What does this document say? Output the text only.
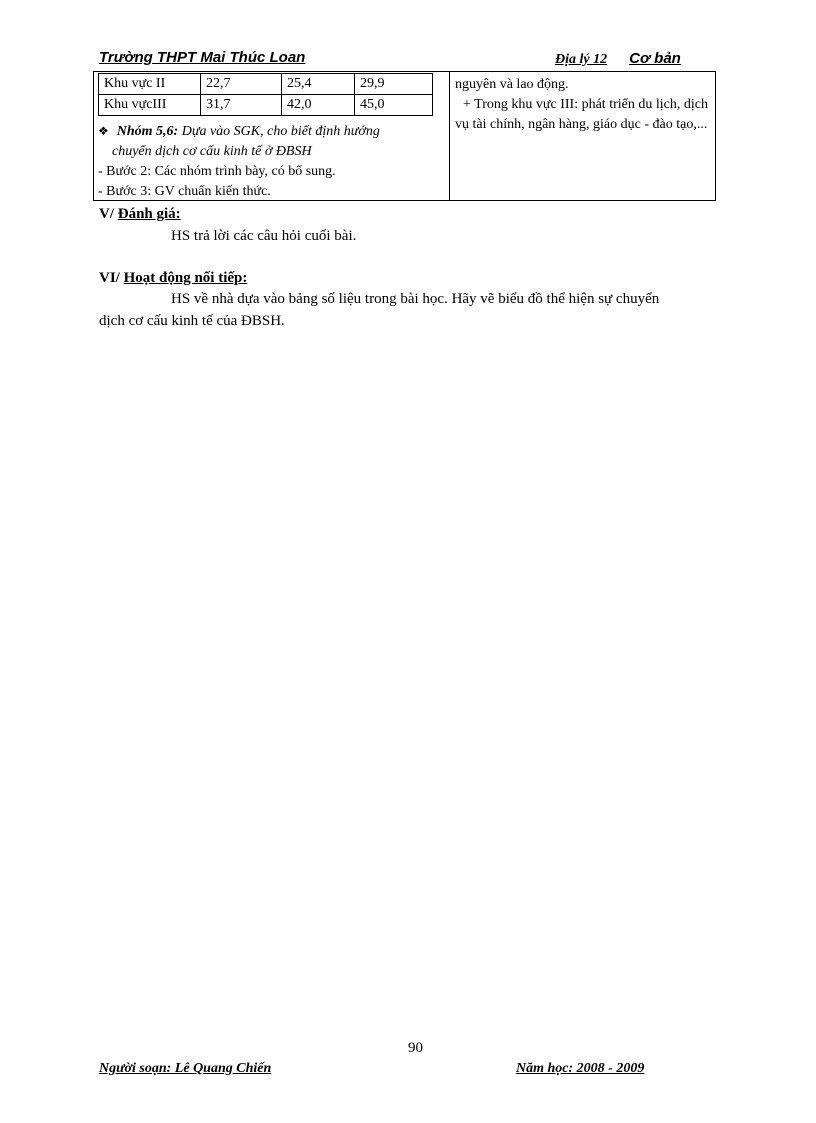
Trường THPT Mai Thúc Loan	Địa lý 12 Cơ bản
Khu vực II	22,7	25,4	29,9
Khu vựcIII	31,7	42,0	45,0
❖ Nhóm 5,6: Dựa vào SGK, cho biết định hướng
chuyển dịch cơ cấu kinh tế ở ĐBSH
- Bước 2: Các nhóm trình bày, có bổ sung.
- Bước 3: GV chuẩn kiến thức.

nguyên và lao động.

+ Trong khu vực III: phát triển du lịch, dịch vụ tài chính, ngân hàng, giáo dục - đào tạo,...

V/ Đánh giá:
HS trả lời các câu hỏi cuối bài.
VI/ Hoạt động nối tiếp:
HS về nhà dựa vào bảng số liệu trong bài học. Hãy vẽ biểu đồ thể hiện sự chuyển
dịch cơ cấu kinh tế của ĐBSH.
90
Người soạn: Lê Quang Chiến	Năm học: 2008 - 2009
